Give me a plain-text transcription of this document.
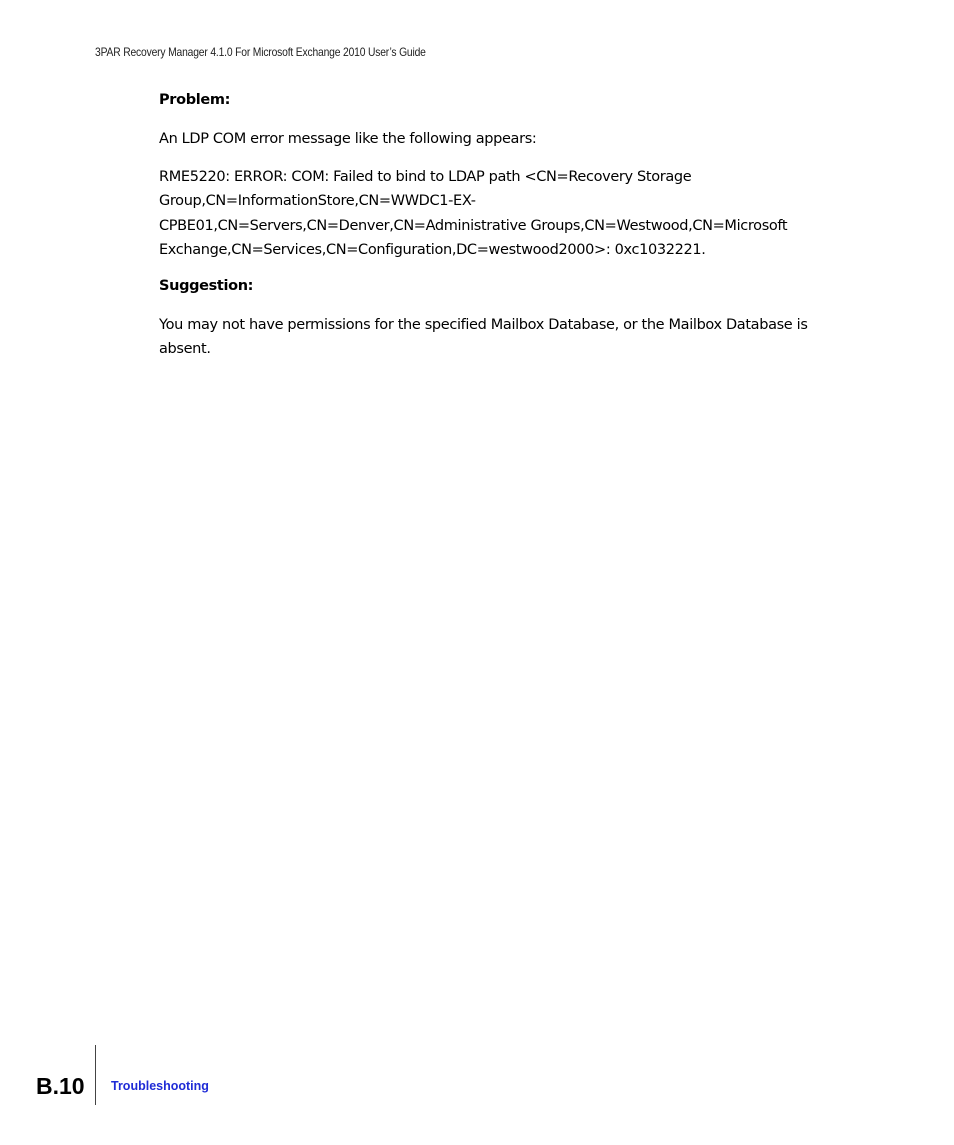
3PAR Recovery Manager 4.1.0 For Microsoft Exchange 2010 User’s Guide
Problem:

An LDP COM error message like the following appears:

RME5220: ERROR: COM: Failed to bind to LDAP path <CN=Recovery Storage
Group,CN=InformationStore,CN=WWDC1-EX-
CPBE01,CN=Servers,CN=Denver,CN=Administrative Groups,CN=Westwood,CN=Microsoft
Exchange,CN=Services,CN=Configuration,DC=westwood2000>: 0xc1032221.
Suggestion:

You may not have permissions for the specified Mailbox Database, or the Mailbox Database is absent.

B.10 Troubleshooting
